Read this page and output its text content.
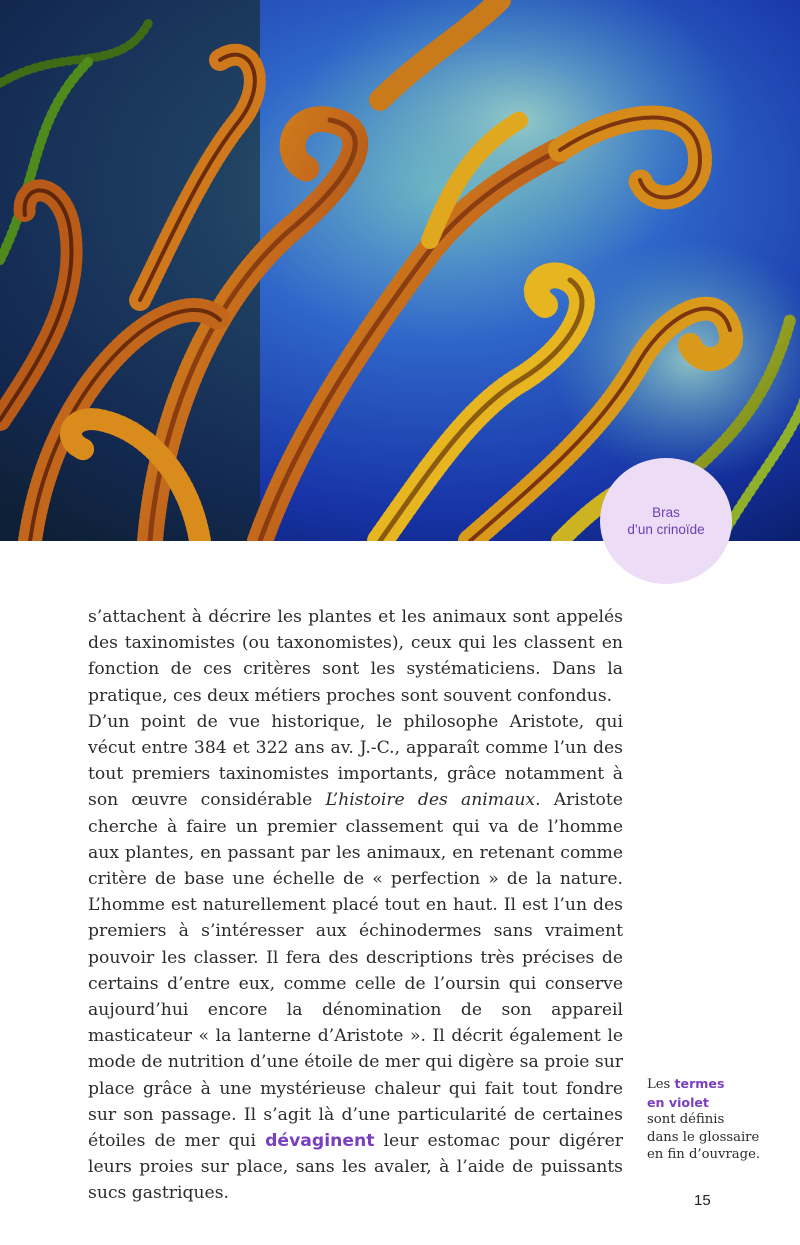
Bras
d’un crinoïde

s’attachent à décrire les plantes et les animaux sont appelés des taxinomistes (ou taxonomistes), ceux qui les classent en fonction de ces critères sont les systématiciens. Dans la pratique, ces deux métiers proches sont souvent confondus.

D’un point de vue historique, le philosophe Aristote, qui vécut entre 384 et 322 ans av. J.-C., apparaît comme l’un des tout premiers taxinomistes importants, grâce notamment à son œuvre considérable L’histoire des animaux. Aristote cherche à faire un premier classement qui va de l’homme aux plantes, en passant par les animaux, en retenant comme critère de base une échelle de « perfection » de la nature. L’homme est naturellement placé tout en haut. Il est l’un des premiers à s’intéresser aux échinodermes sans vraiment pouvoir les classer. Il fera des descriptions très précises de certains d’entre eux, comme celle de l’oursin qui conserve aujourd’hui encore la dénomination de son appareil masticateur « la lanterne d’Aristote ». Il décrit également le mode de nutrition d’une étoile de mer qui digère sa proie sur place grâce à une mystérieuse chaleur qui fait tout fondre sur son passage. Il s’agit là d’une particularité de certaines étoiles de mer qui dévaginent leur estomac pour digérer leurs proies sur place, sans les avaler, à l’aide de puissants sucs gastriques.

Les termes
en violet
sont définis
dans le glossaire
en fin d’ouvrage.
15
